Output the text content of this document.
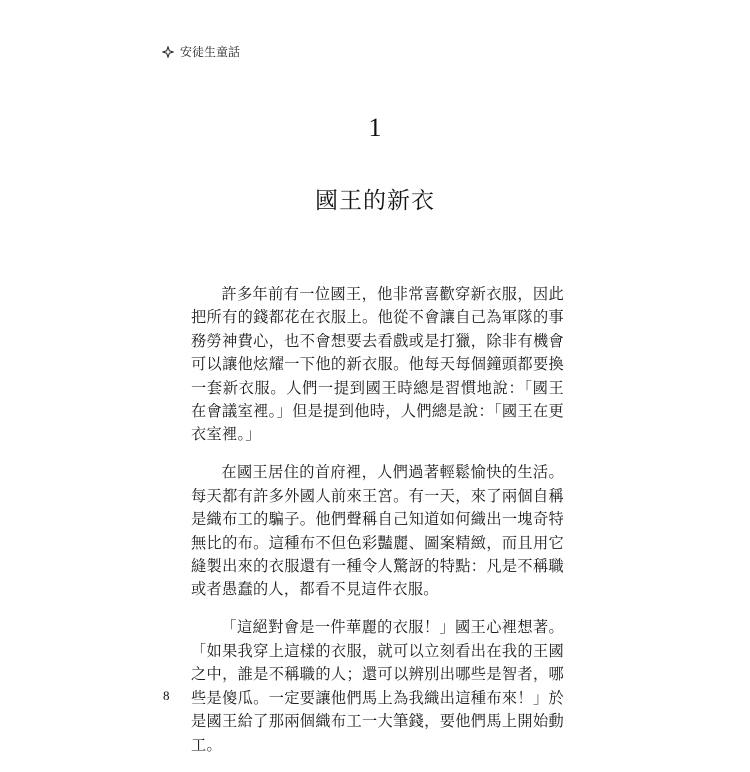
安徒生童話
1
國王的新衣

許多年前有一位國王，他非常喜歡穿新衣服，因此把所有的錢都花在衣服上。他從不會讓自己為軍隊的事務勞神費心，也不會想要去看戲或是打獵，除非有機會可以讓他炫耀一下他的新衣服。他每天每個鐘頭都要換一套新衣服。人們一提到國王時總是習慣地說：「國王在會議室裡。」但是提到他時，人們總是說：「國王在更衣室裡。」

在國王居住的首府裡，人們過著輕鬆愉快的生活。每天都有許多外國人前來王宮。有一天，來了兩個自稱是織布工的騙子。他們聲稱自己知道如何織出一塊奇特無比的布。這種布不但色彩豔麗、圖案精緻，而且用它縫製出來的衣服還有一種令人驚訝的特點：凡是不稱職或者愚蠢的人，都看不見這件衣服。

「這絕對會是一件華麗的衣服！」國王心裡想著。「如果我穿上這樣的衣服，就可以立刻看出在我的王國之中，誰是不稱職的人；還可以辨別出哪些是智者，哪些是傻瓜。一定要讓他們馬上為我織出這種布來！」於是國王給了那兩個織布工一大筆錢，要他們馬上開始動工。

8
